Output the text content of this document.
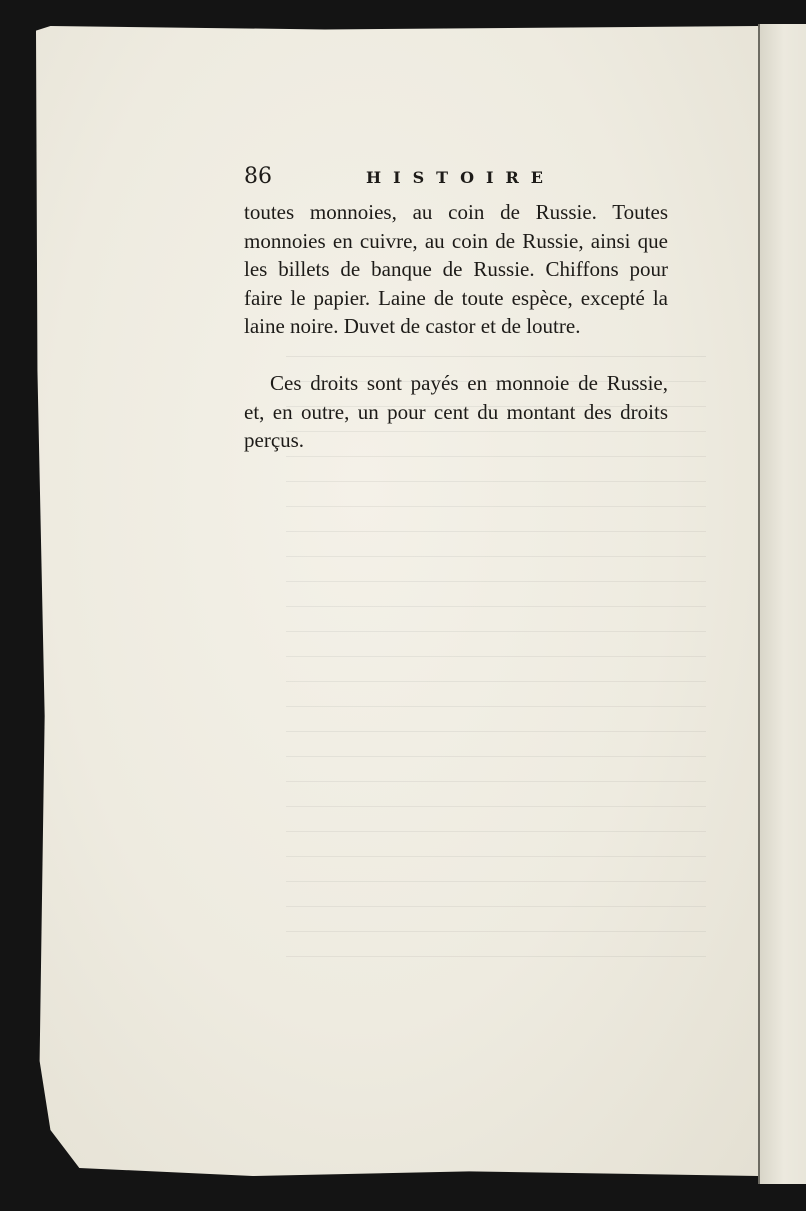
86	HISTOIRE

toutes monnoies, au coin de Russie. Toutes monnoies en cuivre, au coin de Russie, ainsi que les billets de banque de Russie. Chiffons pour faire le papier. Laine de toute espèce, excepté la laine noire. Duvet de castor et de loutre.

Ces droits sont payés en monnoie de Russie, et, en outre, un pour cent du montant des droits perçus.
